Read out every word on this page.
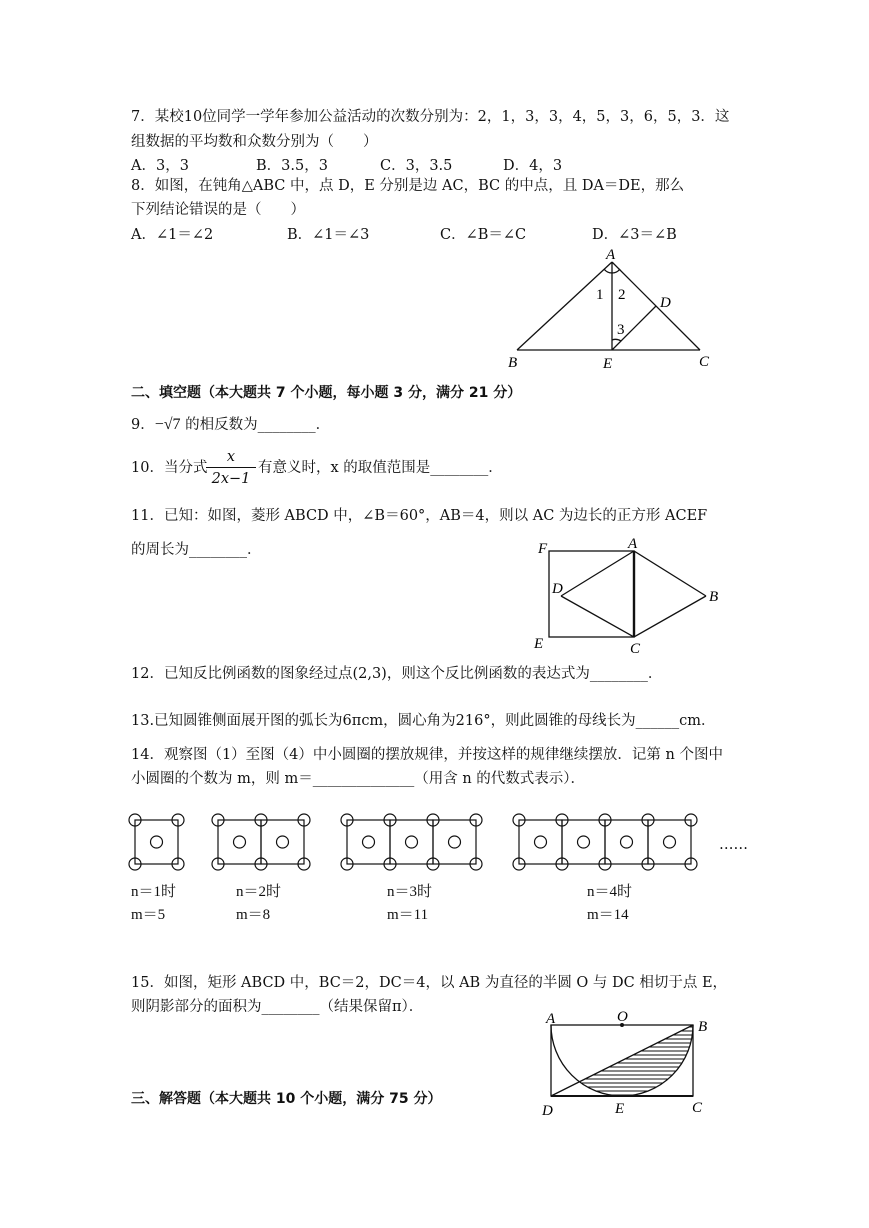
7．某校10位同学一学年参加公益活动的次数分别为：2，1，3，3，4，5，3，6，5，3．这
组数据的平均数和众数分别为（　　）
A．3，3	B．3.5，3	C．3，3.5	D．4，3
8．如图，在钝角△ABC 中，点 D，E 分别是边 AC，BC 的中点，且 DA＝DE，那么
下列结论错误的是（　　）
A．∠1＝∠2	B．∠1＝∠3	C．∠B＝∠C	D．∠3＝∠B
A
B	C
D
E
1 2
3
二、填空题（本大题共 7 个小题，每小题 3 分，满分 21 分）
9．−√7 的相反数为________．
10．当分式
x
2x−1
有意义时，x 的取值范围是________．
11．已知：如图，菱形 ABCD 中，∠B＝60°，AB＝4，则以 AC 为边长的正方形 ACEF
的周长为________．	F	A
D	B
E	C
12．已知反比例函数的图象经过点(2,3)，则这个反比例函数的表达式为________．
13.已知圆锥侧面展开图的弧长为6πcm，圆心角为216°，则此圆锥的母线长为______cm．
14．观察图（1）至图（4）中小圆圈的摆放规律，并按这样的规律继续摆放．记第 n 个图中
小圆圈的个数为 m，则 m＝______________（用含 n 的代数式表示）．
……
n＝1时
m＝5
n＝2时
m＝8
n＝3时
m＝11
n＝4时
m＝14
15．如图，矩形 ABCD 中，BC＝2，DC＝4，以 AB 为直径的半圆 O 与 DC 相切于点 E，
则阴影部分的面积为________（结果保留π）．
A	O
B
D	E	C
三、解答题（本大题共 10 个小题，满分 75 分）
